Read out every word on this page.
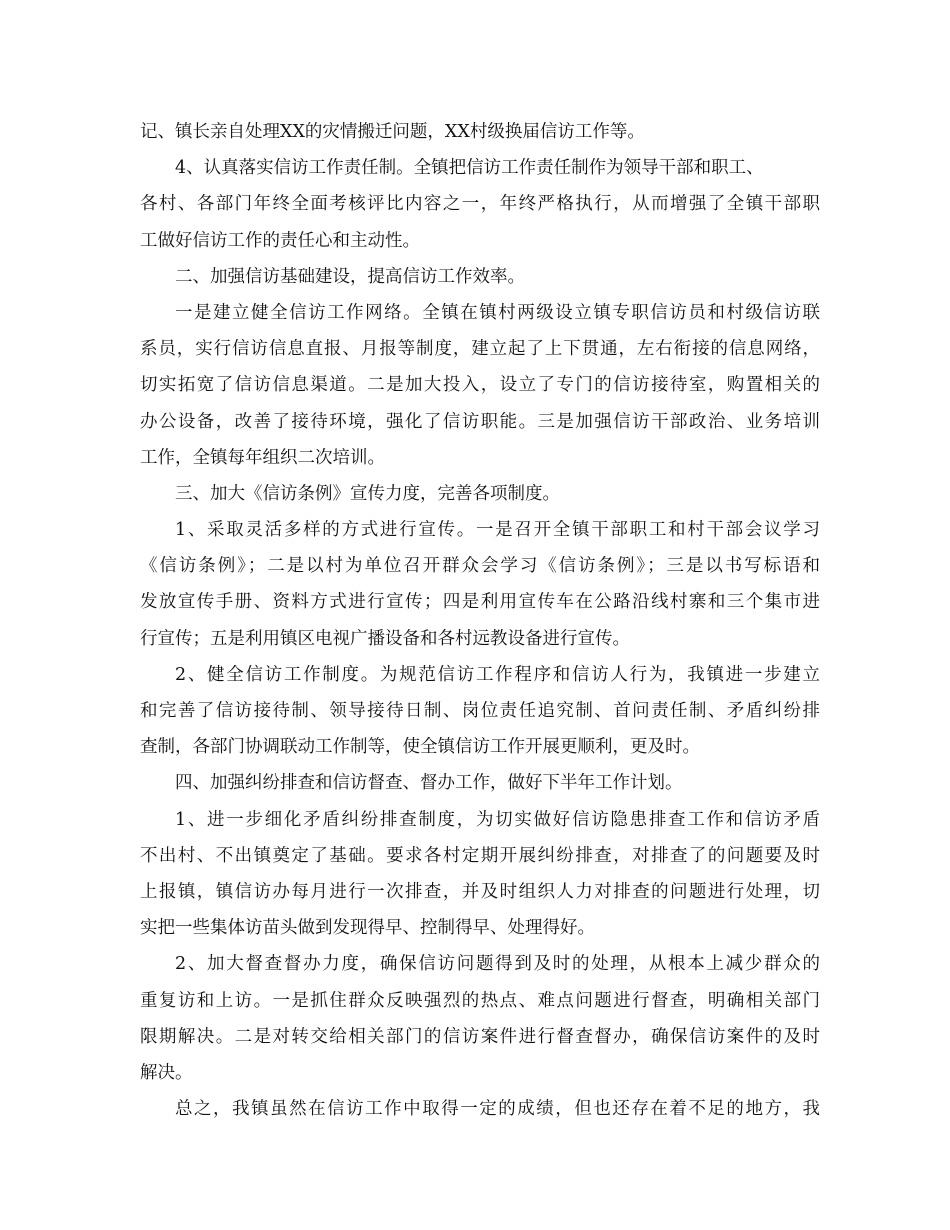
记、镇长亲自处理XX的灾情搬迁问题，XX村级换届信访工作等。
4、认真落实信访工作责任制。全镇把信访工作责任制作为领导干部和职工、
各村、各部门年终全面考核评比内容之一，年终严格执行，从而增强了全镇干部职
工做好信访工作的责任心和主动性。
二、加强信访基础建设，提高信访工作效率。
一是建立健全信访工作网络。全镇在镇村两级设立镇专职信访员和村级信访联
系员，实行信访信息直报、月报等制度，建立起了上下贯通，左右衔接的信息网络，
切实拓宽了信访信息渠道。二是加大投入，设立了专门的信访接待室，购置相关的
办公设备，改善了接待环境，强化了信访职能。三是加强信访干部政治、业务培训
工作，全镇每年组织二次培训。
三、加大《信访条例》宣传力度，完善各项制度。
1、采取灵活多样的方式进行宣传。一是召开全镇干部职工和村干部会议学习
《信访条例》；二是以村为单位召开群众会学习《信访条例》；三是以书写标语和
发放宣传手册、资料方式进行宣传；四是利用宣传车在公路沿线村寨和三个集市进
行宣传；五是利用镇区电视广播设备和各村远教设备进行宣传。
2、健全信访工作制度。为规范信访工作程序和信访人行为，我镇进一步建立
和完善了信访接待制、领导接待日制、岗位责任追究制、首问责任制、矛盾纠纷排
查制，各部门协调联动工作制等，使全镇信访工作开展更顺利，更及时。
四、加强纠纷排查和信访督查、督办工作，做好下半年工作计划。
1、进一步细化矛盾纠纷排查制度，为切实做好信访隐患排查工作和信访矛盾
不出村、不出镇奠定了基础。要求各村定期开展纠纷排查，对排查了的问题要及时
上报镇，镇信访办每月进行一次排查，并及时组织人力对排查的问题进行处理，切
实把一些集体访苗头做到发现得早、控制得早、处理得好。
2、加大督查督办力度，确保信访问题得到及时的处理，从根本上减少群众的
重复访和上访。一是抓住群众反映强烈的热点、难点问题进行督查，明确相关部门
限期解决。二是对转交给相关部门的信访案件进行督查督办，确保信访案件的及时
解决。
总之，我镇虽然在信访工作中取得一定的成绩，但也还存在着不足的地方，我
